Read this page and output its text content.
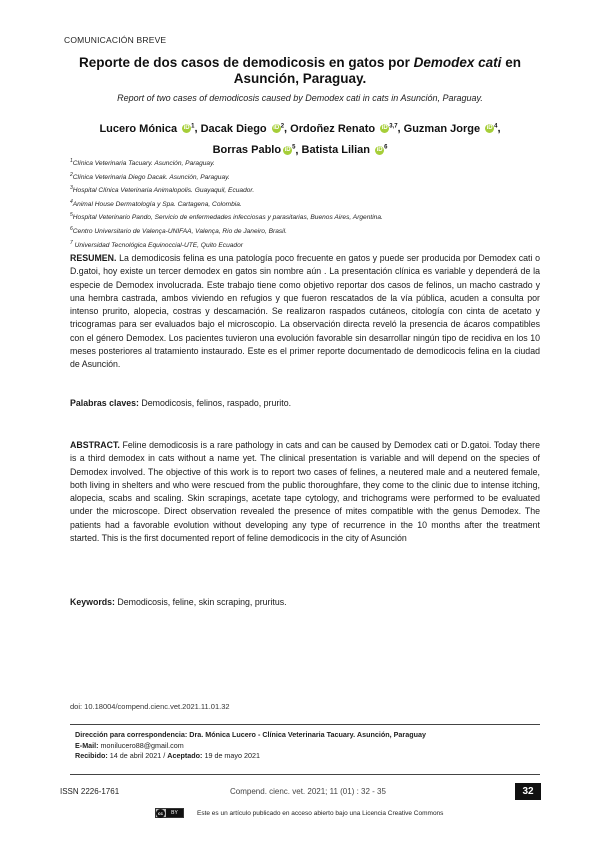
COMUNICACIÓN BREVE
Reporte de dos casos de demodicosis en gatos por Demodex cati en Asunción, Paraguay.
Report of two cases of demodicosis caused by Demodex cati in cats in Asunción, Paraguay.
Lucero Mónica iD $^1$, Dacak Diego iD $^2$, Ordoñez Renato iD $^{3,7}$, Guzman Jorge iD $^4$,
Borras Pablo iD $^5$, Batista Lilian iD $^6$
$^1$Clínica Veterinaria Tacuary. Asunción, Paraguay.
$^2$Clínica Veterinaria Diego Dacak. Asunción, Paraguay.
$^3$Hospital Clínica Veterinaria Animalopolis. Guayaquil, Ecuador.
$^4$Animal House Dermatología y Spa. Cartagena, Colombia.
$^5$Hospital Veterinario Pando, Servicio de enfermedades infecciosas y parasitarias, Buenos Aires, Argentina.
$^6$Centro Universitario de Valença-UNIFAA, Valença, Rio de Janeiro, Brasil.
$^7$ Universidad Tecnológica Equinoccial-UTE, Quito Ecuador
RESUMEN. La demodicosis felina es una patología poco frecuente en gatos y puede ser producida por Demodex cati o D.gatoi, hoy existe un tercer demodex en gatos sin nombre aún . La presentación clínica es variable y dependerá de la especie de Demodex involucrada. Este trabajo tiene como objetivo reportar dos casos de felinos, un macho castrado y una hembra castrada, ambos viviendo en refugios y que fueron rescatados de la vía pública, acuden a consulta por intenso prurito, alopecia, costras y descamación. Se realizaron raspados cutáneos, citología con cinta de acetato y tricogramas para ser evaluados bajo el microscopio. La observación directa reveló la presencia de ácaros compatibles con el género Demodex. Los pacientes tuvieron una evolución favorable sin desarrollar ningún tipo de recidiva en los 10 meses posteriores al tratamiento instaurado. Este es el primer reporte documentado de demodicocis felina en la ciudad de Asunción.
Palabras claves: Demodicosis, felinos, raspado, prurito.
ABSTRACT. Feline demodicosis is a rare pathology in cats and can be caused by Demodex cati or D.gatoi. Today there is a third demodex in cats without a name yet. The clinical presentation is variable and will depend on the species of Demodex involved. The objective of this work is to report two cases of felines, a neutered male and a neutered female, both living in shelters and who were rescued from the public thoroughfare, they come to the clinic due to intense itching, alopecia, scabs and scaling. Skin scrapings, acetate tape cytology, and trichograms were performed to be evaluated under the microscope. Direct observation revealed the presence of mites compatible with the genus Demodex. The patients had a favorable evolution without developing any type of recurrence in the 10 months after the treatment started. This is the first documented report of feline demodicocis in the city of Asunción
Keywords: Demodicosis, feline, skin scraping, pruritus.
doi: 10.18004/compend.cienc.vet.2021.11.01.32
Dirección para correspondencia: Dra. Mónica Lucero - Clínica Veterinaria Tacuary. Asunción, Paraguay
E-Mail: monilucero88@gmail.com
Recibido: 14 de abril 2021 / Aceptado: 19 de mayo 2021
ISSN 2226-1761	Compend. cienc. vet. 2021; 11 (01) : 32 - 35	32
cc	BY	Este es un artículo publicado en acceso abierto bajo una Licencia Creative Commons
